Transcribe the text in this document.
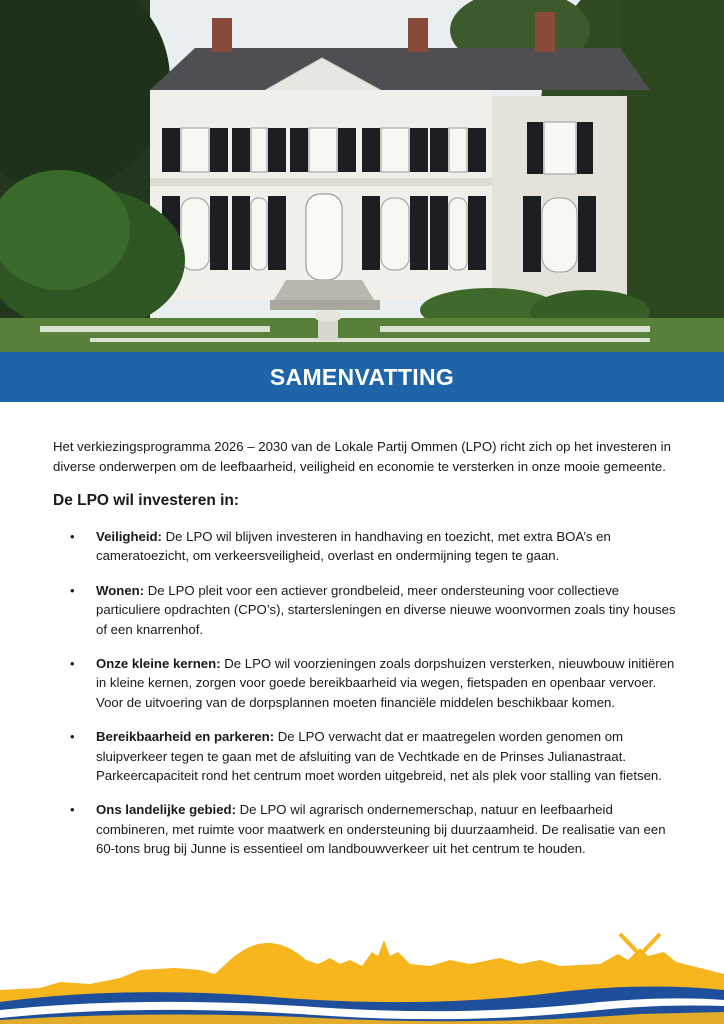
SAMENVATTING

Het verkiezingsprogramma 2026 – 2030 van de Lokale Partij Ommen (LPO) richt zich op het investeren in diverse onderwerpen om de leefbaarheid, veiligheid en economie te versterken in onze mooie gemeente.

De LPO wil investeren in:
• Veiligheid: De LPO wil blijven investeren in handhaving en toezicht, met extra BOA’s en cameratoezicht, om verkeersveiligheid, overlast en ondermijning tegen te gaan.
• Wonen: De LPO pleit voor een actiever grondbeleid, meer ondersteuning voor collectieve particuliere opdrachten (CPO’s), startersleningen en diverse nieuwe woonvormen zoals tiny houses of een knarrenhof.
• Onze kleine kernen: De LPO wil voorzieningen zoals dorpshuizen versterken, nieuwbouw initiëren in kleine kernen, zorgen voor goede bereikbaarheid via wegen, fietspaden en openbaar vervoer. Voor de uitvoering van de dorpsplannen moeten financiële middelen beschikbaar komen.
• Bereikbaarheid en parkeren: De LPO verwacht dat er maatregelen worden genomen om sluipverkeer tegen te gaan met de afsluiting van de Vechtkade en de Prinses Julianastraat. Parkeercapaciteit rond het centrum moet worden uitgebreid, net als plek voor stalling van fietsen.
• Ons landelijke gebied: De LPO wil agrarisch ondernemerschap, natuur en leefbaarheid combineren, met ruimte voor maatwerk en ondersteuning bij duurzaamheid. De realisatie van een 60-tons brug bij Junne is essentieel om landbouwverkeer uit het centrum te houden.
